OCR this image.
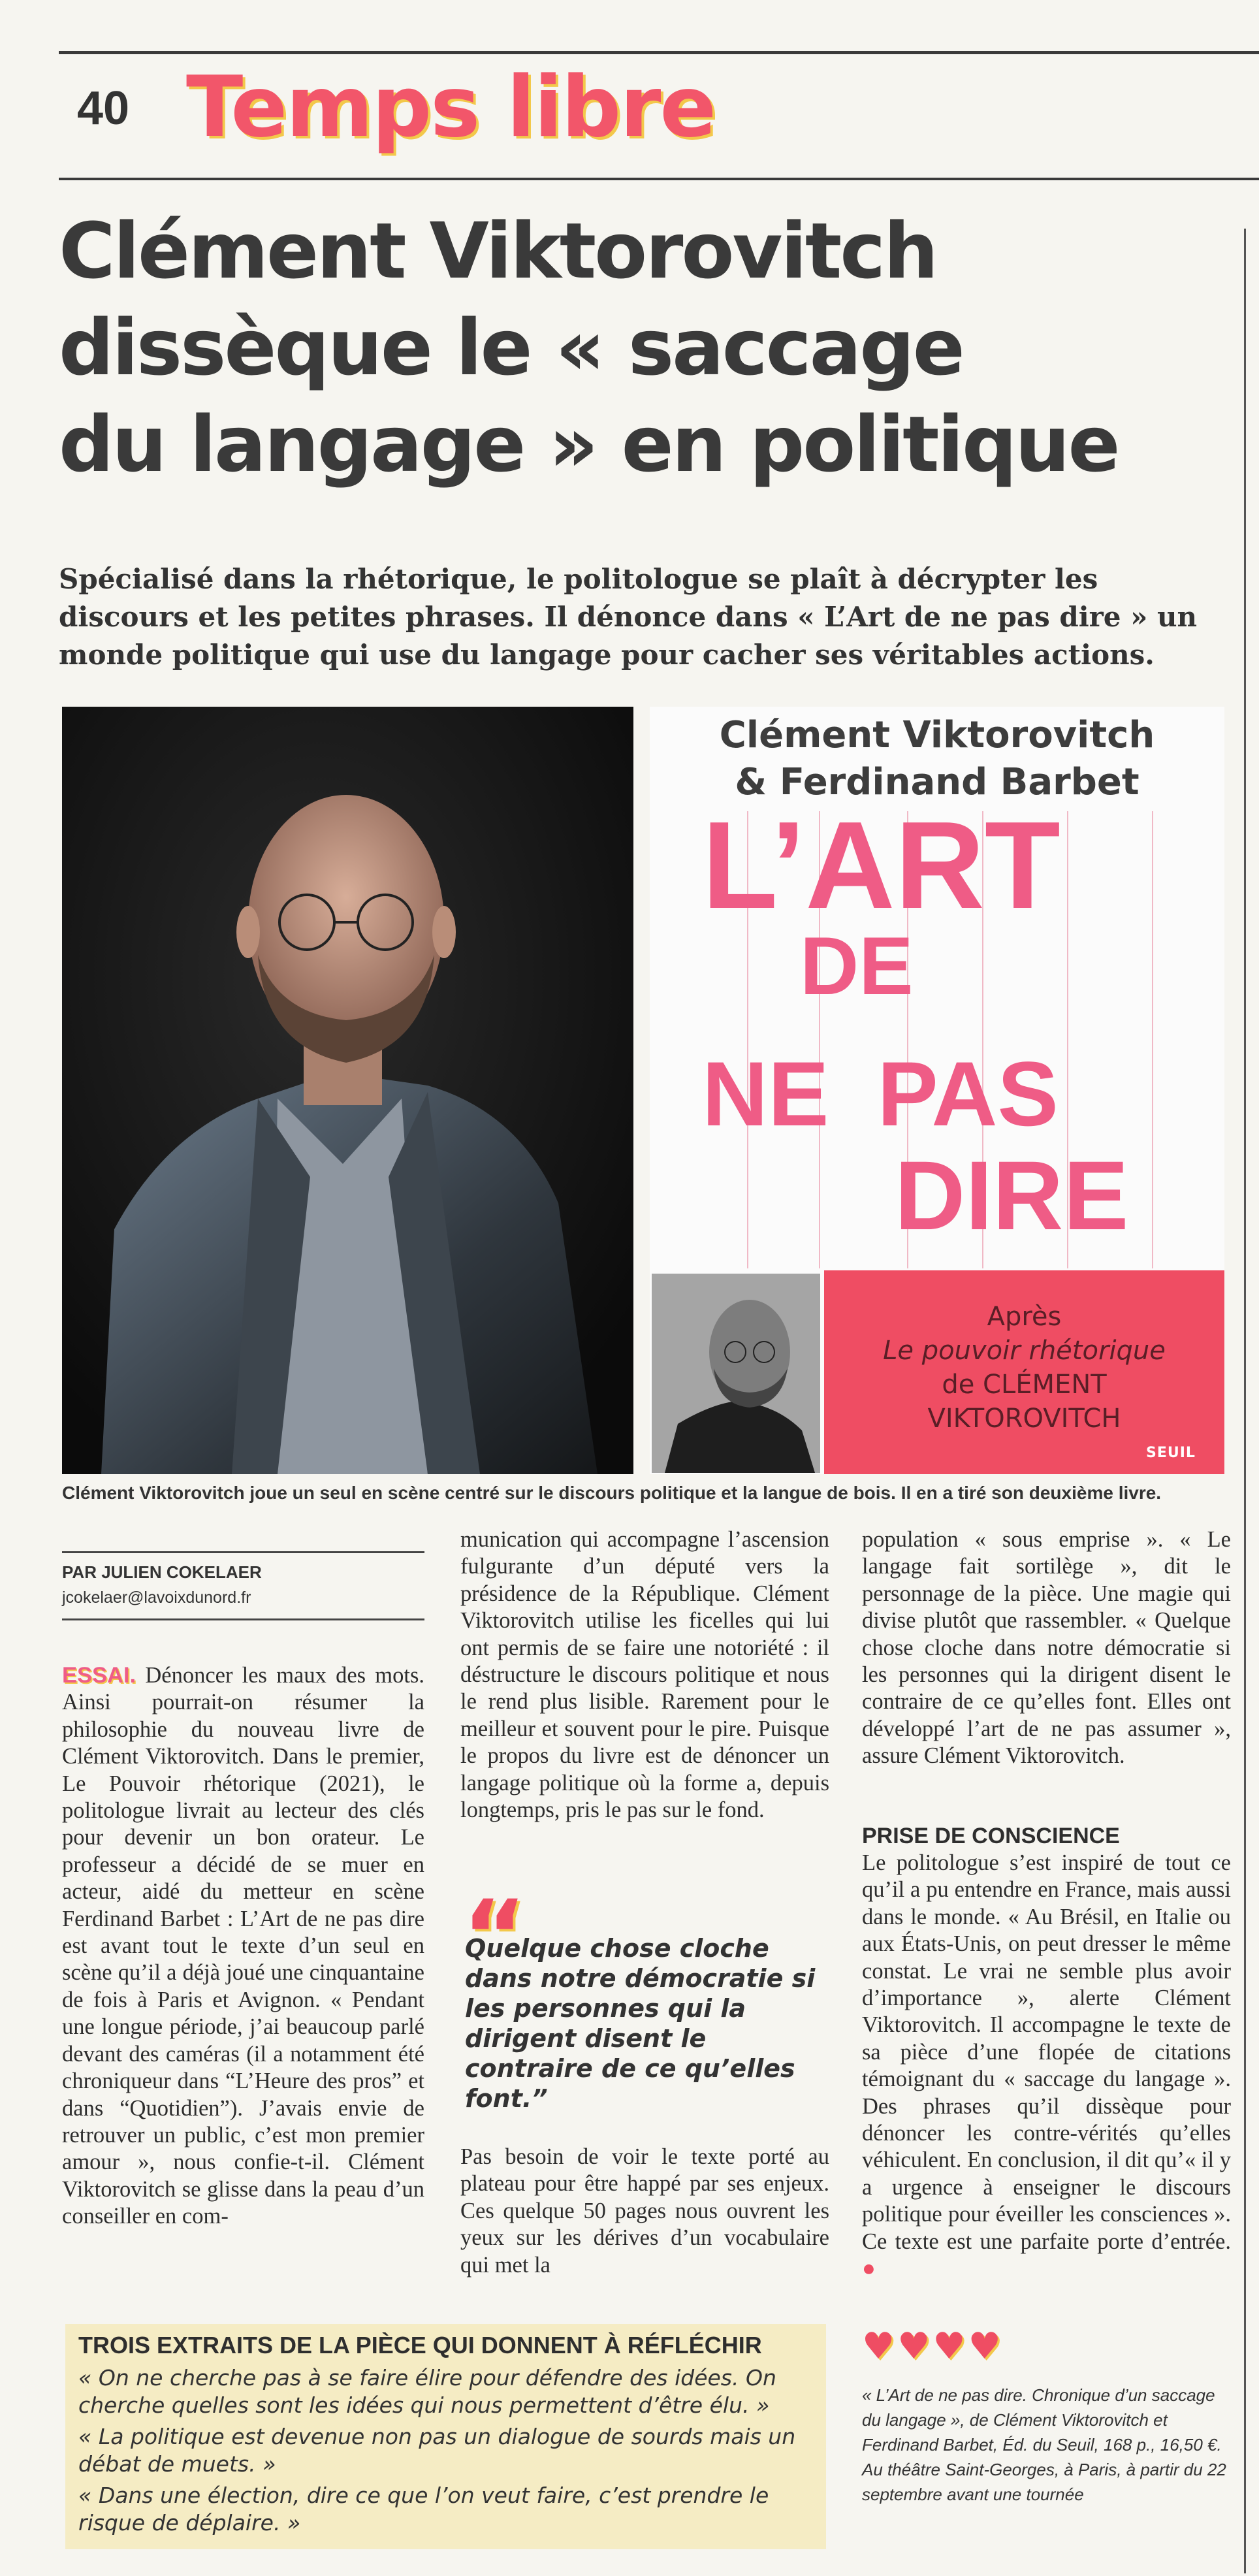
40 Temps libre
Clément Viktorovitch
dissèque le « saccage
du langage » en politique
Spécialisé dans la rhétorique, le politologue se plaît à décrypter les discours et les petites phrases. Il dénonce dans « L’Art de ne pas dire » un monde politique qui use du langage pour cacher ses véritables actions.
Clément Viktorovitch
& Ferdinand Barbet
L’ART
DE
NE PAS
DIRE
Après
Le pouvoir rhétorique
de CLÉMENT
VIKTOROVITCH
SEUIL
Clément Viktorovitch joue un seul en scène centré sur le discours politique et la langue de bois. Il en a tiré son deuxième livre.
PAR JULIEN COKELAER
jcokelaer@lavoixdunord.fr
ESSAI. Dénoncer les maux des mots. Ainsi pourrait-on résumer la philosophie du nouveau livre de Clément Viktorovitch. Dans le premier, Le Pouvoir rhétorique (2021), le politologue livrait au lecteur des clés pour devenir un bon orateur. Le professeur a décidé de se muer en acteur, aidé du metteur en scène Ferdinand Barbet : L’Art de ne pas dire est avant tout le texte d’un seul en scène qu’il a déjà joué une cinquantaine de fois à Paris et Avignon. « Pendant une longue période, j’ai beaucoup parlé devant des caméras (il a notamment été chroniqueur dans “L’Heure des pros” et dans “Quotidien”). J’avais envie de retrouver un public, c’est mon premier amour », nous confie-t-il. Clément Viktorovitch se glisse dans la peau d’un conseiller en com-
munication qui accompagne l’ascension fulgurante d’un député vers la présidence de la République. Clément Viktorovitch utilise les ficelles qui lui ont permis de se faire une notoriété : il déstructure le discours politique et nous le rend plus lisible. Rarement pour le meilleur et souvent pour le pire. Puisque le propos du livre est de dénoncer un langage politique où la forme a, depuis longtemps, pris le pas sur le fond.
“
Quelque chose cloche dans notre démocratie si les personnes qui la dirigent disent le contraire de ce qu’elles font.”
Pas besoin de voir le texte porté au plateau pour être happé par ses enjeux. Ces quelque 50 pages nous ouvrent les yeux sur les dérives d’un vocabulaire qui met la
population « sous emprise ». « Le langage fait sortilège », dit le personnage de la pièce. Une magie qui divise plutôt que rassembler. « Quelque chose cloche dans notre démocratie si les personnes qui la dirigent disent le contraire de ce qu’elles font. Elles ont développé l’art de ne pas assumer », assure Clément Viktorovitch.
PRISE DE CONSCIENCE
Le politologue s’est inspiré de tout ce qu’il a pu entendre en France, mais aussi dans le monde. « Au Brésil, en Italie ou aux États-Unis, on peut dresser le même constat. Le vrai ne semble plus avoir d’importance », alerte Clément Viktorovitch. Il accompagne le texte de sa pièce d’une flopée de citations témoignant du « saccage du langage ». Des phrases qu’il dissèque pour dénoncer les contre-vérités qu’elles véhiculent. En conclusion, il dit qu’« il y a urgence à enseigner le discours politique pour éveiller les consciences ». Ce texte est une parfaite porte d’entrée. ●
TROIS EXTRAITS DE LA PIÈCE QUI DONNENT À RÉFLÉCHIR

« On ne cherche pas à se faire élire pour défendre des idées. On cherche quelles sont les idées qui nous permettent d’être élu. »

« La politique est devenue non pas un dialogue de sourds mais un débat de muets. »

« Dans une élection, dire ce que l’on veut faire, c’est prendre le risque de déplaire. »

♥♥♥♥
« L’Art de ne pas dire. Chronique d’un saccage du langage », de Clément Viktorovitch et Ferdinand Barbet, Éd. du Seuil, 168 p., 16,50 €.
Au théâtre Saint-Georges, à Paris, à partir du 22 septembre avant une tournée
